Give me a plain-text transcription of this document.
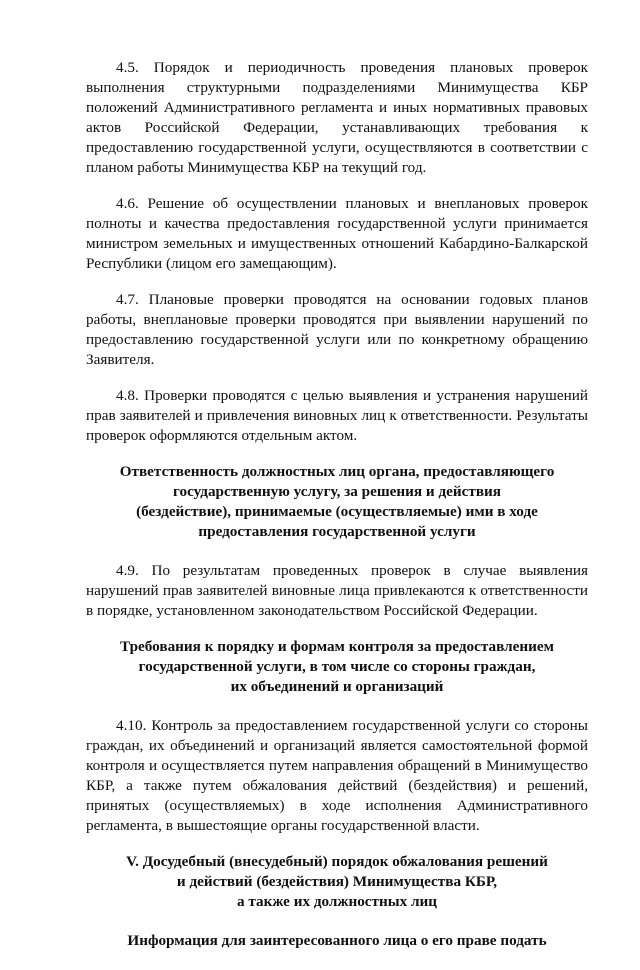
4.5. Порядок и периодичность проведения плановых проверок выполнения структурными подразделениями Минимущества КБР положений Административного регламента и иных нормативных правовых актов Российской Федерации, устанавливающих требования к предоставлению государственной услуги, осуществляются в соответствии с планом работы Минимущества КБР на текущий год.

4.6. Решение об осуществлении плановых и внеплановых проверок полноты и качества предоставления государственной услуги принимается министром земельных и имущественных отношений Кабардино-Балкарской Республики (лицом его замещающим).

4.7. Плановые проверки проводятся на основании годовых планов работы, внеплановые проверки проводятся при выявлении нарушений по предоставлению государственной услуги или по конкретному обращению Заявителя.

4.8. Проверки проводятся с целью выявления и устранения нарушений прав заявителей и привлечения виновных лиц к ответственности. Результаты проверок оформляются отдельным актом.

Ответственность должностных лиц органа, предоставляющего
государственную услугу, за решения и действия
(бездействие), принимаемые (осуществляемые) ими в ходе
предоставления государственной услуги

4.9. По результатам проведенных проверок в случае выявления нарушений прав заявителей виновные лица привлекаются к ответственности в порядке, установленном законодательством Российской Федерации.

Требования к порядку и формам контроля за предоставлением
государственной услуги, в том числе со стороны граждан,
их объединений и организаций

4.10. Контроль за предоставлением государственной услуги со стороны граждан, их объединений и организаций является самостоятельной формой контроля и осуществляется путем направления обращений в Минимущество КБР, а также путем обжалования действий (бездействия) и решений, принятых (осуществляемых) в ходе исполнения Административного регламента, в вышестоящие органы государственной власти.

V. Досудебный (внесудебный) порядок обжалования решений
и действий (бездействия) Минимущества КБР,
а также их должностных лиц
Информация для заинтересованного лица о его праве подать
